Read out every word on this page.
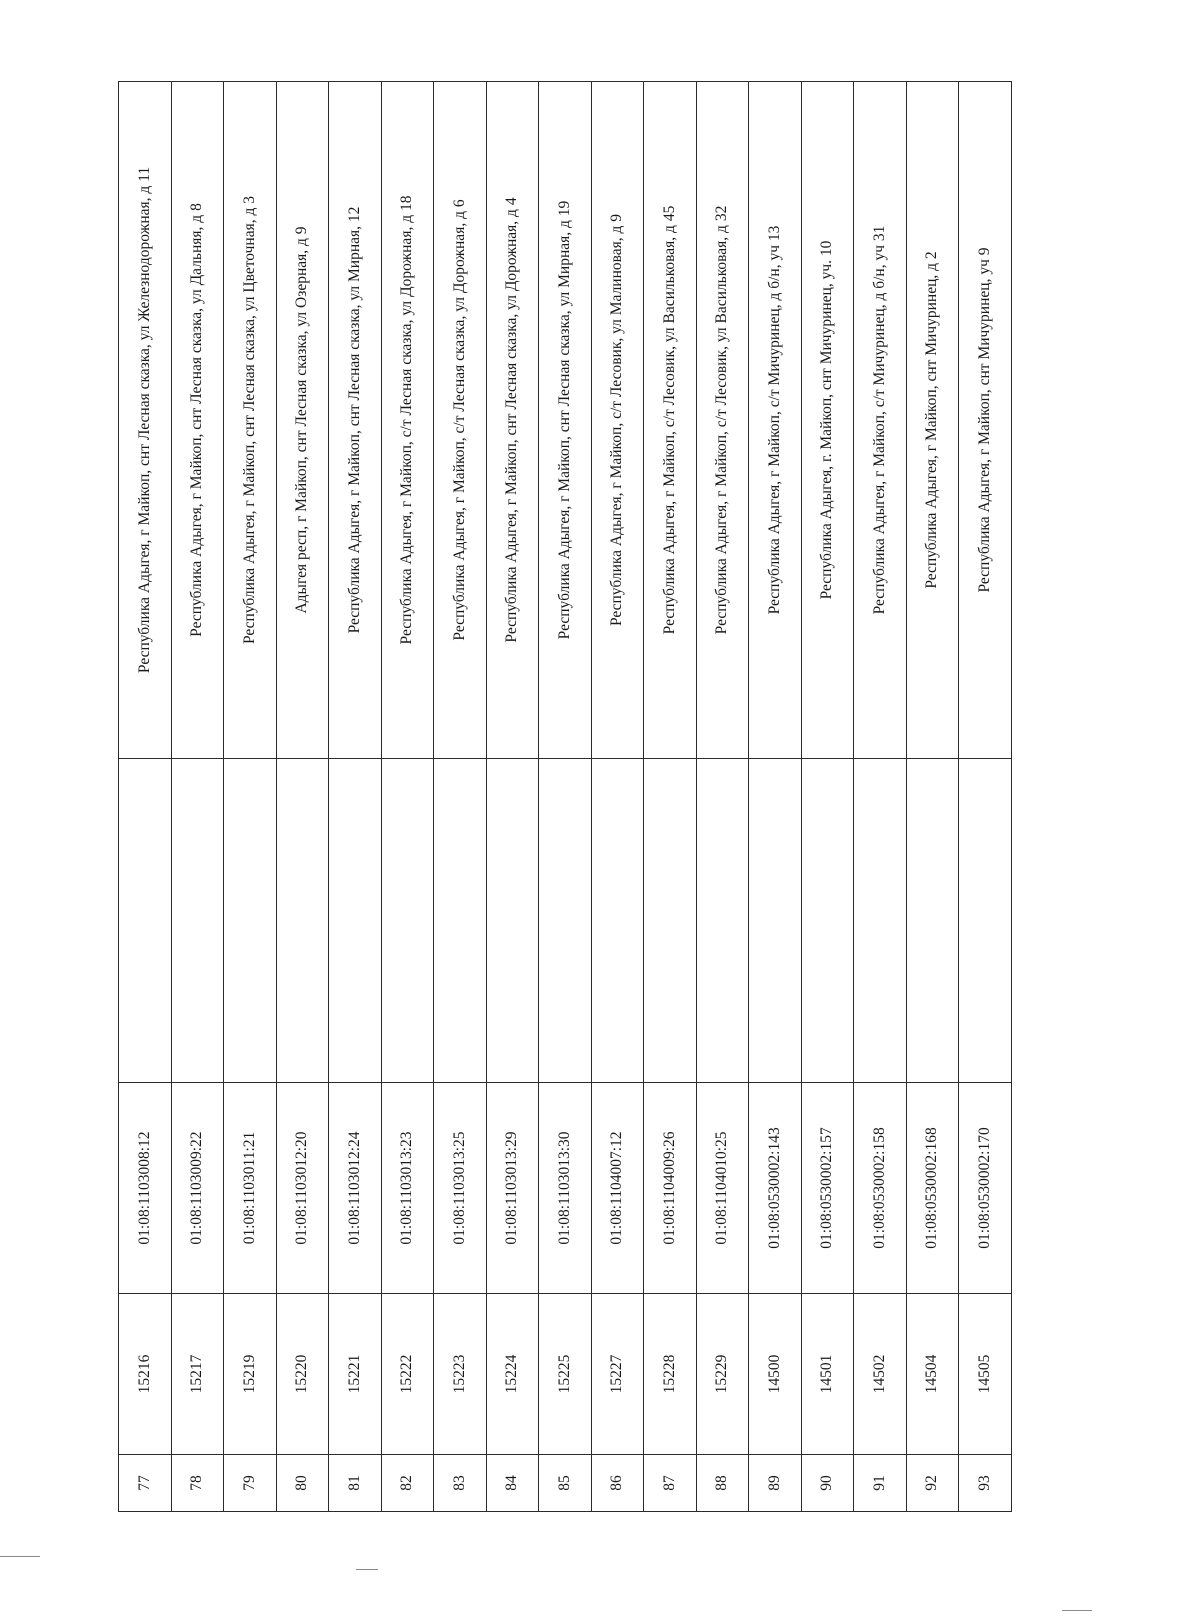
77	15216	01:08:1103008:12		Республика Адыгея, г Майкоп, снт Лесная сказка, ул Железнодорожная, д 11
78	15217	01:08:1103009:22		Республика Адыгея, г Майкоп, снт Лесная сказка, ул Дальняя, д 8
79	15219	01:08:1103011:21		Республика Адыгея, г Майкоп, снт Лесная сказка, ул Цветочная, д 3
80	15220	01:08:1103012:20		Адыгея респ, г Майкоп, снт Лесная сказка, ул Озерная, д 9
81	15221	01:08:1103012:24		Республика Адыгея, г Майкоп, снт Лесная сказка, ул Мирная, 12
82	15222	01:08:1103013:23		Республика Адыгея, г Майкоп, с/т Лесная сказка, ул Дорожная, д 18
83	15223	01:08:1103013:25		Республика Адыгея, г Майкоп, с/т Лесная сказка, ул Дорожная, д 6
84	15224	01:08:1103013:29		Республика Адыгея, г Майкоп, снт Лесная сказка, ул Дорожная, д 4
85	15225	01:08:1103013:30		Республика Адыгея, г Майкоп, снт Лесная сказка, ул Мирная, д 19
86	15227	01:08:1104007:12		Республика Адыгея, г Майкоп, с/т Лесовик, ул Малиновая, д 9
87	15228	01:08:1104009:26		Республика Адыгея, г Майкоп, с/т Лесовик, ул Васильковая, д 45
88	15229	01:08:1104010:25		Республика Адыгея, г Майкоп, с/т Лесовик, ул Васильковая, д 32
89	14500	01:08:0530002:143		Республика Адыгея, г Майкоп, с/т Мичуринец, д б/н, уч 13
90	14501	01:08:0530002:157		Республика Адыгея, г. Майкоп, снт Мичуринец, уч. 10
91	14502	01:08:0530002:158		Республика Адыгея, г Майкоп, с/т Мичуринец, д б/н, уч 31
92	14504	01:08:0530002:168		Республика Адыгея, г Майкоп, снт Мичуринец, д 2
93	14505	01:08:0530002:170		Республика Адыгея, г Майкоп, снт Мичуринец, уч 9
